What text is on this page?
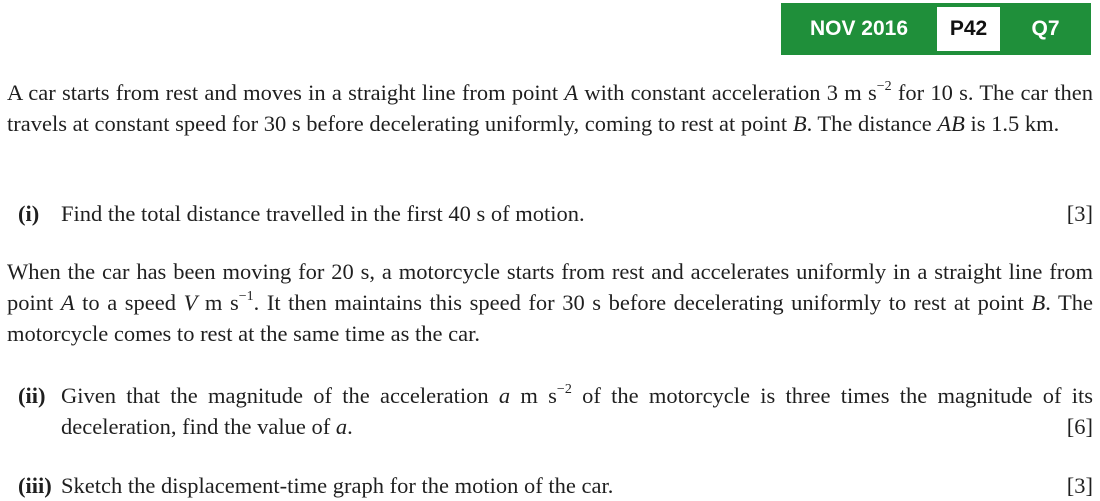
NOV 2016	P42	Q7
A car starts from rest and moves in a straight line from point A with constant acceleration 3 m $s^{-2}$ for 10 s. The car then travels at constant speed for 30 s before decelerating uniformly, coming to rest at point B. The distance AB is 1.5 km.
(i) Find the total distance travelled in the first 40 s of motion.	[3]
When the car has been moving for 20 s, a motorcycle starts from rest and accelerates uniformly in a straight line from point A to a speed V m $s^{-1}$. It then maintains this speed for 30 s before decelerating uniformly to rest at point B. The motorcycle comes to rest at the same time as the car.
(ii) Given that the magnitude of the acceleration a m $s^{-2}$ of the motorcycle is three times the magnitude of its deceleration, find the value of a.	[6]
(iii) Sketch the displacement-time graph for the motion of the car.	[3]
